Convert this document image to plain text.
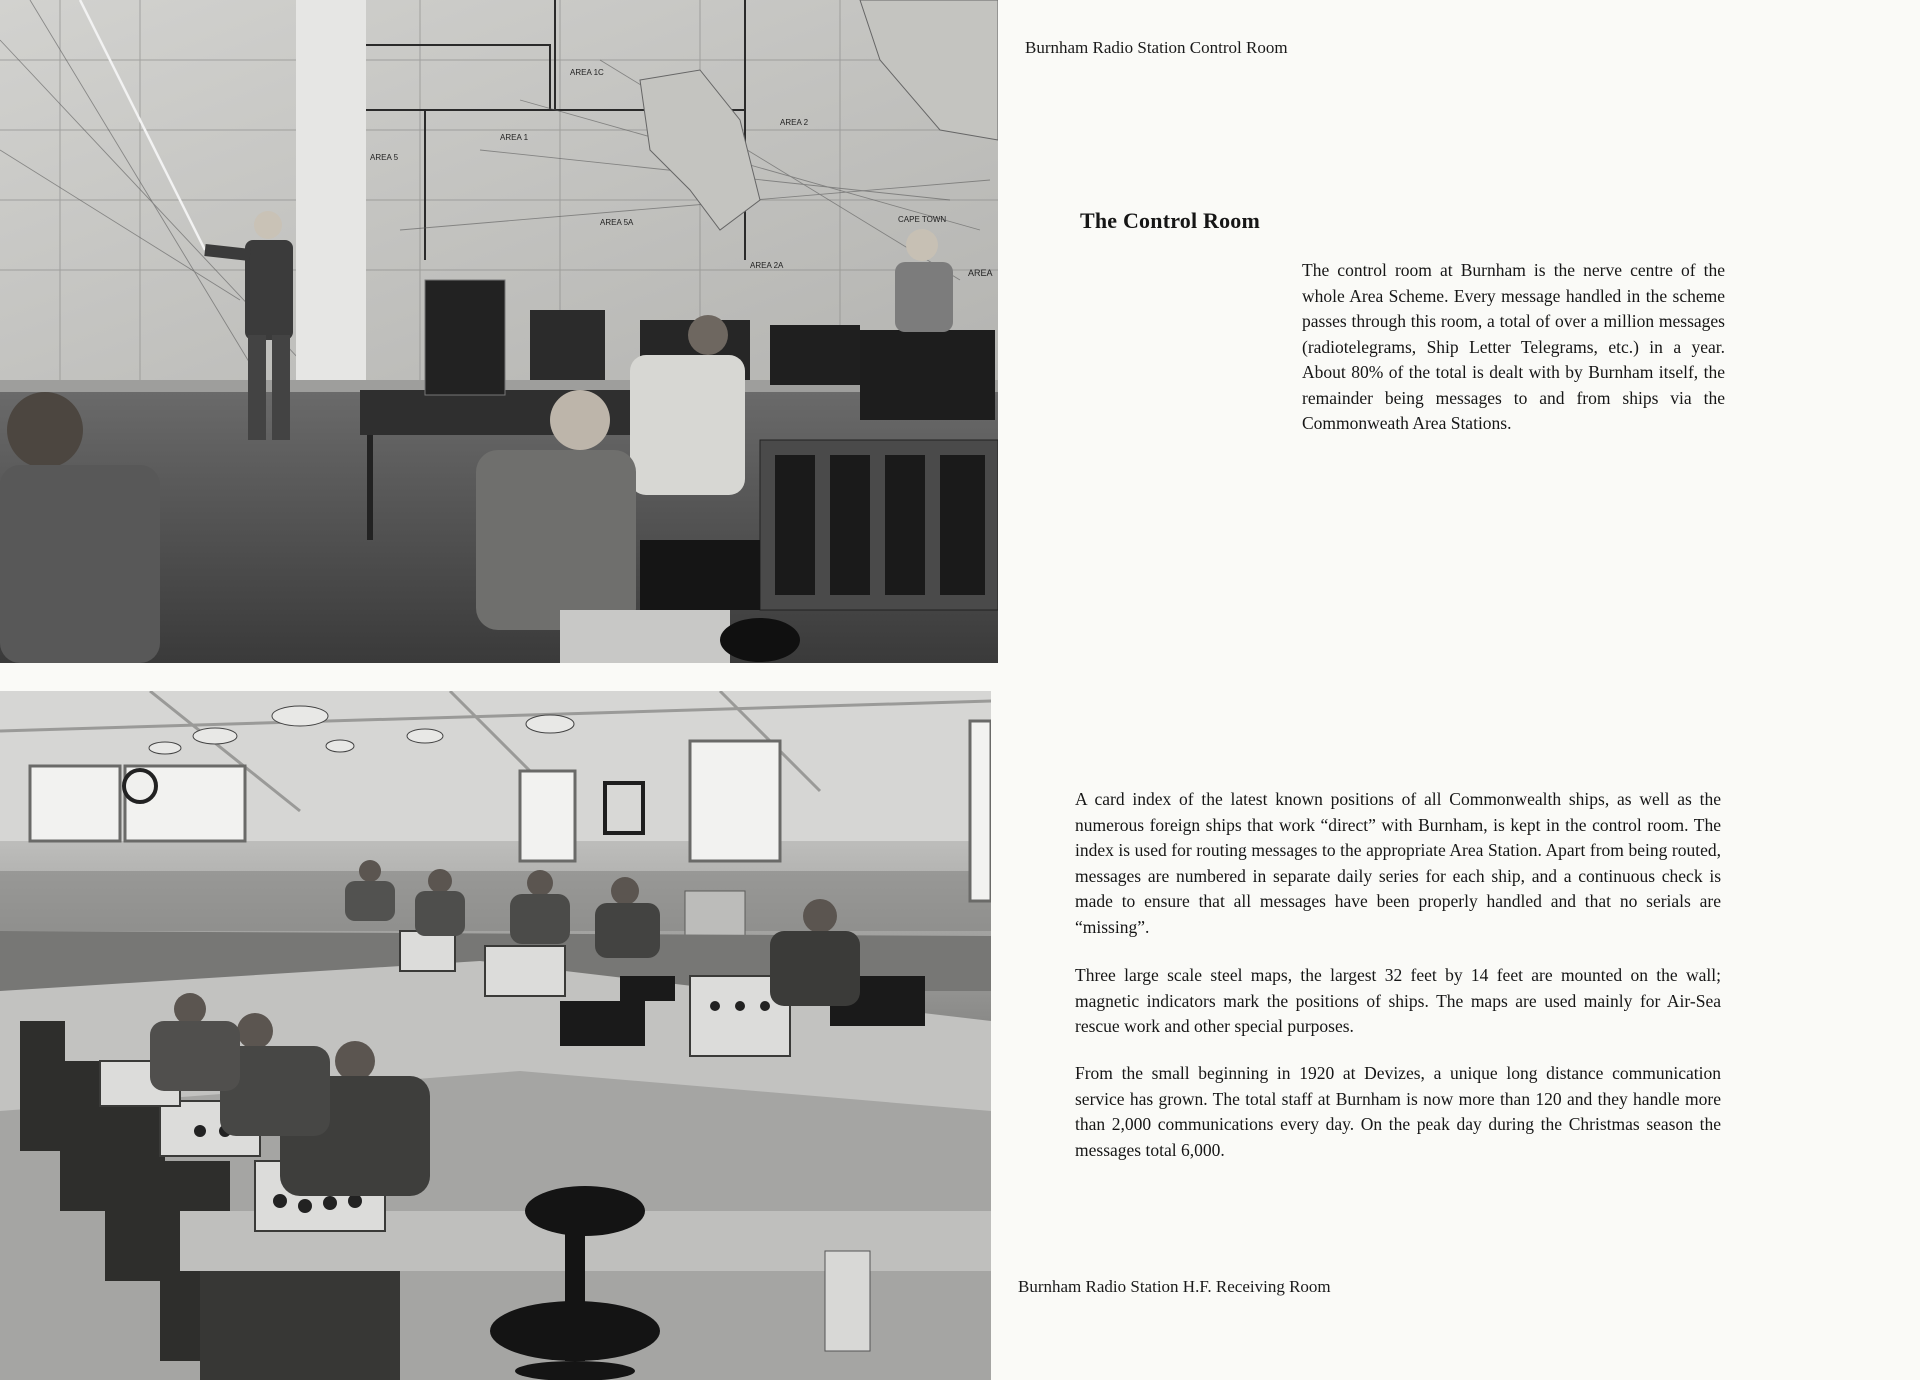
AREA 1C
AREA 1
AREA 5
AREA 5A
AREA 2
AREA 2A
CAPE TOWN
AREA
Burnham Radio Station Control Room
The Control Room

The control room at Burnham is the nerve centre of the whole Area Scheme. Every message handled in the scheme passes through this room, a total of over a million messages (radiotelegrams, Ship Letter Telegrams, etc.) in a year. About 80% of the total is dealt with by Burnham itself, the remainder being messages to and from ships via the Commonweath Area Stations.

A card index of the latest known positions of all Commonwealth ships, as well as the numerous foreign ships that work “direct” with Burnham, is kept in the control room. The index is used for routing messages to the appropriate Area Station. Apart from being routed, messages are numbered in separate daily series for each ship, and a continuous check is made to ensure that all messages have been properly handled and that no serials are “missing”.

Three large scale steel maps, the largest 32 feet by 14 feet are mounted on the wall; magnetic indicators mark the positions of ships. The maps are used mainly for Air-Sea rescue work and other special purposes.

From the small beginning in 1920 at Devizes, a unique long distance communication service has grown. The total staff at Burnham is now more than 120 and they handle more than 2,000 communications every day. On the peak day during the Christmas season the messages total 6,000.

Burnham Radio Station H.F. Receiving Room
